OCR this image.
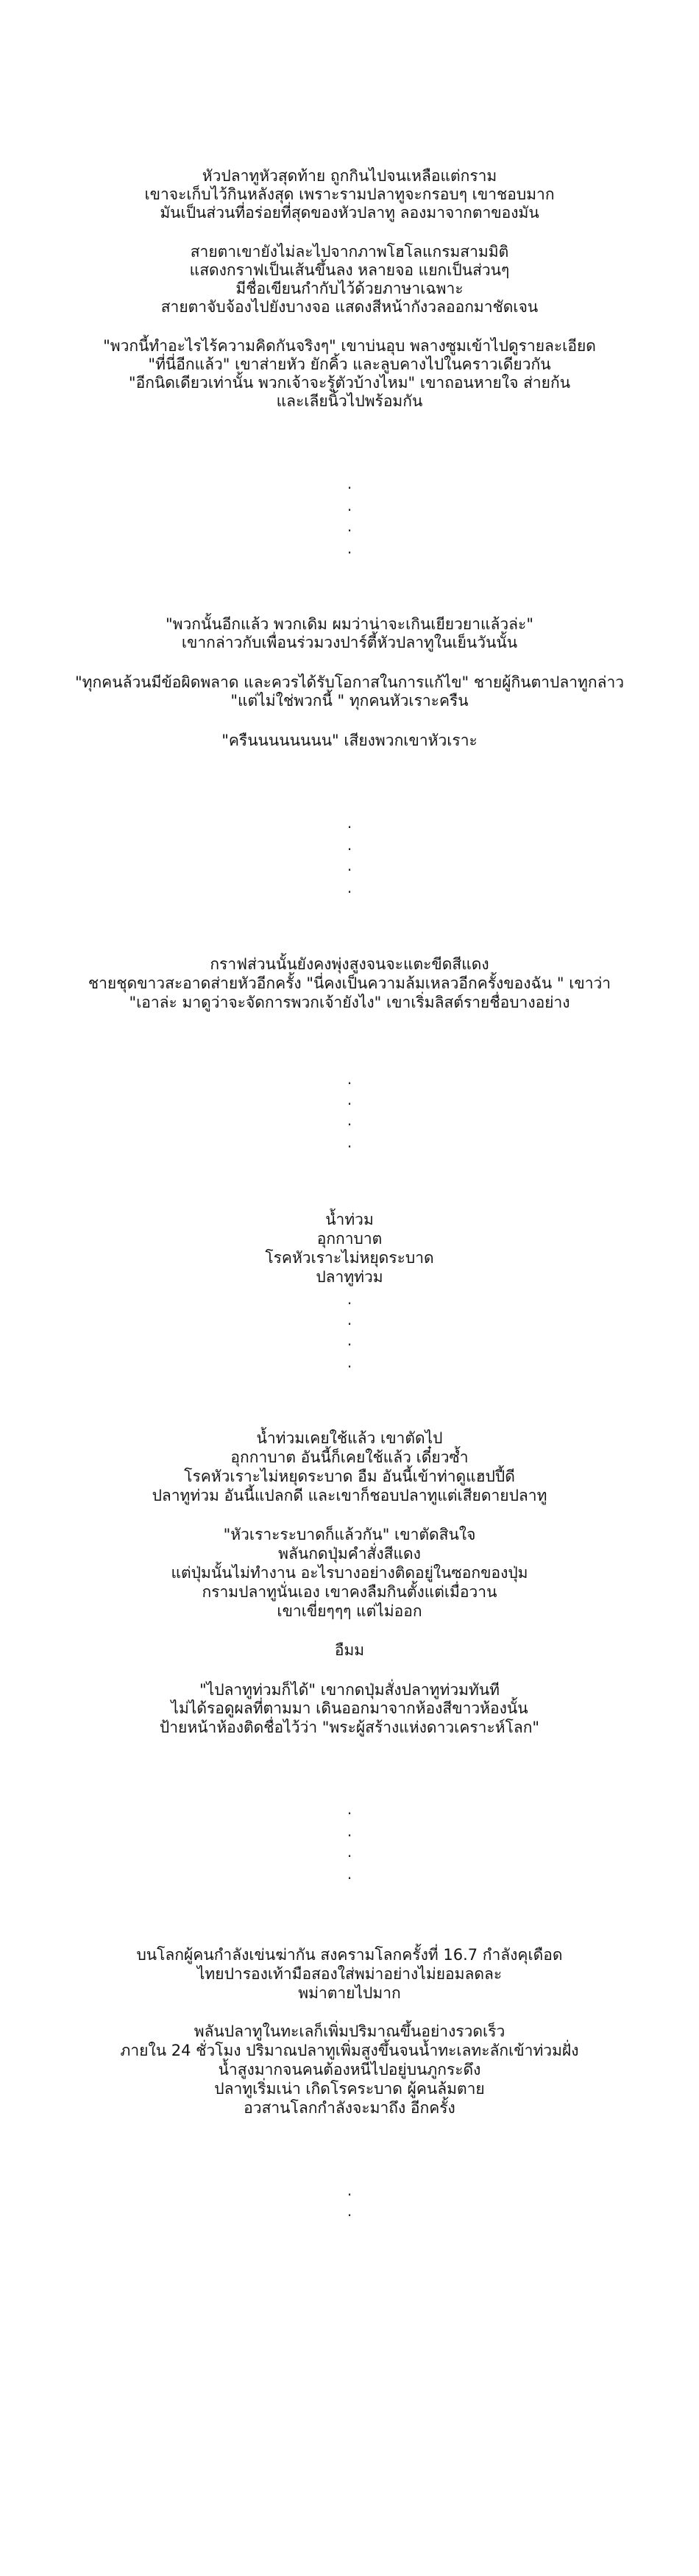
หัวปลาทูหัวสุดท้าย ถูกกินไปจนเหลือแต่กราม
เขาจะเก็บไว้กินหลังสุด เพราะรามปลาทูจะกรอบๆ เขาชอบมาก
มันเป็นส่วนที่อร่อยที่สุดของหัวปลาทู ลองมาจากตาของมัน
สายตาเขายังไม่ละไปจากภาพโฮโลแกรมสามมิติ
แสดงกราฟเป็นเส้นขึ้นลง หลายจอ แยกเป็นส่วนๆ
มีชื่อเขียนกำกับไว้ด้วยภาษาเฉพาะ
สายตาจับจ้องไปยังบางจอ แสดงสีหน้ากังวลออกมาชัดเจน
"พวกนี้ทำอะไรไร้ความคิดกันจริงๆ" เขาบ่นอุบ พลางซูมเข้าไปดูรายละเอียด
"ที่นี่อีกแล้ว" เขาส่ายหัว ยักคิ้ว และลูบคางไปในคราวเดียวกัน
"อีกนิดเดียวเท่านั้น พวกเจ้าจะรู้ตัวบ้างไหม" เขาถอนหายใจ ส่ายก้น
และเลียนิ้วไปพร้อมกัน
.
.
.
.
"พวกนั้นอีกแล้ว พวกเดิม ผมว่าน่าจะเกินเยียวยาแล้วล่ะ"
เขากล่าวกับเพื่อนร่วมวงปาร์ตี้หัวปลาทูในเย็นวันนั้น
"ทุกคนล้วนมีข้อผิดพลาด และควรได้รับโอกาสในการแก้ไข" ชายผู้กินตาปลาทูกล่าว
"แต่ไม่ใช่พวกนี้ " ทุกคนหัวเราะครืน
"ครืนนนนนนนน" เสียงพวกเขาหัวเราะ
.
.
.
.
กราฟส่วนนั้นยังคงพุ่งสูงจนจะแตะขีดสีแดง
ชายชุดขาวสะอาดส่ายหัวอีกครั้ง "นี่คงเป็นความล้มเหลวอีกครั้งของฉัน " เขาว่า
"เอาล่ะ มาดูว่าจะจัดการพวกเจ้ายังไง" เขาเริ่มลิสต์รายชื่อบางอย่าง
.
.
.
.
น้ำท่วม
อุกกาบาต
โรคหัวเราะไม่หยุดระบาด
ปลาทูท่วม
.
.
.
.
น้ำท่วมเคยใช้แล้ว เขาตัดไป
อุกกาบาต อันนี้ก็เคยใช้แล้ว เดี๋ยวซ้ำ
โรคหัวเราะไม่หยุดระบาด อืม อันนี้เข้าท่าดูแฮปปี้ดี
ปลาทูท่วม อันนี้แปลกดี และเขาก็ชอบปลาทูแต่เสียดายปลาทู
"หัวเราะระบาดก็แล้วกัน" เขาตัดสินใจ
พลันกดปุ่มคำสั่งสีแดง
แต่ปุ่มนั้นไม่ทำงาน อะไรบางอย่างติดอยู่ในซอกของปุ่ม
กรามปลาทูนั่นเอง เขาคงลืมกินตั้งแต่เมื่อวาน
เขาเขี่ยๆๆๆ แต่ไม่ออก
อืมม
"ไปลาทูท่วมก็ได้" เขากดปุ่มสั่งปลาทูท่วมทันที
ไม่ได้รอดูผลที่ตามมา เดินออกมาจากห้องสีขาวห้องนั้น
ป้ายหน้าห้องติดชื่อไว้ว่า "พระผู้สร้างแห่งดาวเคราะห์โลก"
.
.
.
.
บนโลกผู้คนกำลังเข่นฆ่ากัน สงครามโลกครั้งที่ 16.7 กำลังคุเดือด
ไทยปารองเท้ามือสองใส่พม่าอย่างไม่ยอมลดละ
พม่าตายไปมาก
พลันปลาทูในทะเลก็เพิ่มปริมาณขึ้นอย่างรวดเร็ว
ภายใน 24 ชั่วโมง ปริมาณปลาทูเพิ่มสูงขึ้นจนน้ำทะเลทะลักเข้าท่วมฝั่ง
น้ำสูงมากจนคนต้องหนีไปอยู่บนภูกระดึง
ปลาทูเริ่มเน่า เกิดโรคระบาด ผู้คนล้มตาย
อวสานโลกกำลังจะมาถึง อีกครั้ง
.
.
